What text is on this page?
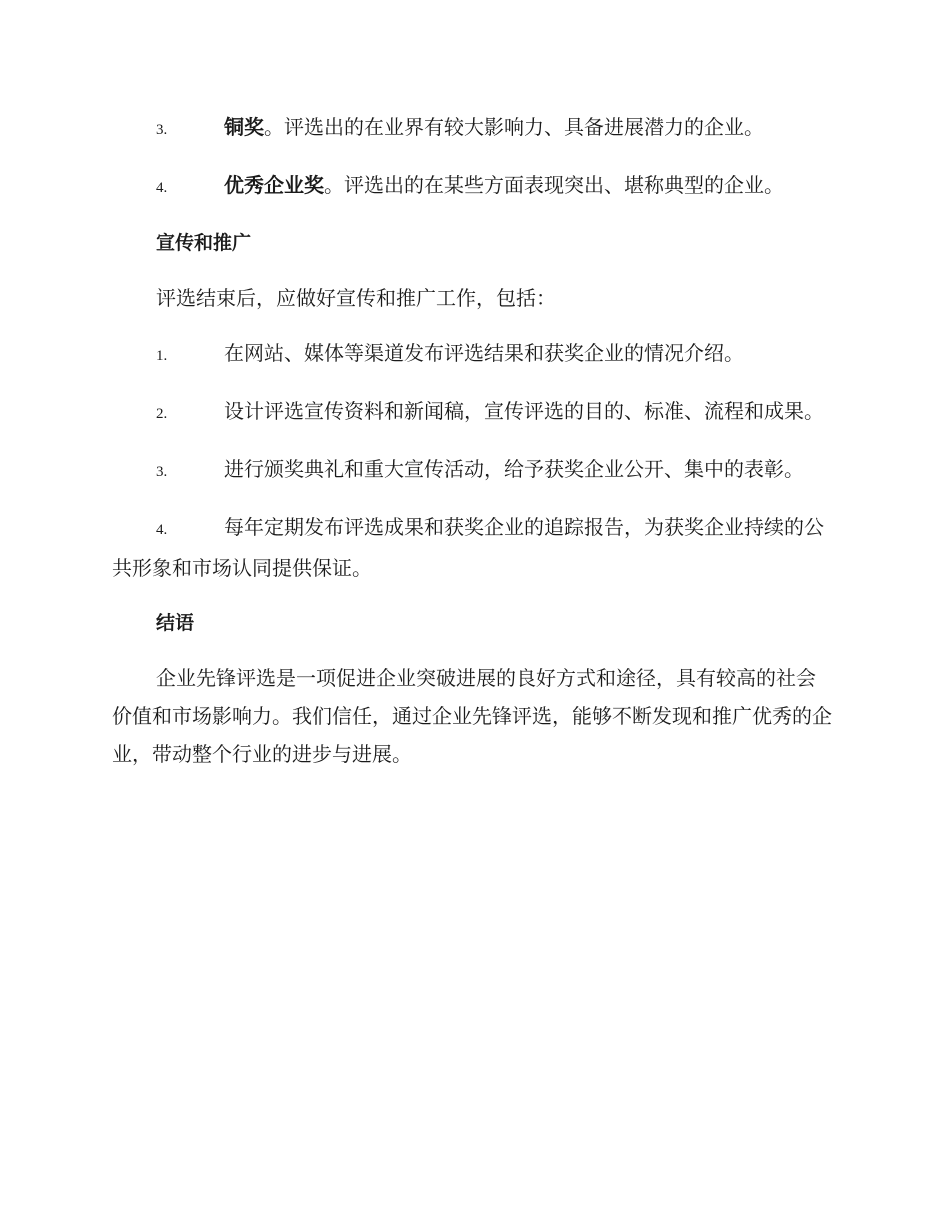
3.	铜奖。评选出的在业界有较大影响力、具备进展潜力的企业。
4.	优秀企业奖。评选出的在某些方面表现突出、堪称典型的企业。
宣传和推广

评选结束后，应做好宣传和推广工作，包括：

1.	在网站、媒体等渠道发布评选结果和获奖企业的情况介绍。
2.	设计评选宣传资料和新闻稿，宣传评选的目的、标准、流程和成果。
3.	进行颁奖典礼和重大宣传活动，给予获奖企业公开、集中的表彰。
4.	每年定期发布评选成果和获奖企业的追踪报告，为获奖企业持续的公共形象和市场认同提供保证。
结语

企业先锋评选是一项促进企业突破进展的良好方式和途径，具有较高的社会价值和市场影响力。我们信任，通过企业先锋评选，能够不断发现和推广优秀的企业，带动整个行业的进步与进展。
